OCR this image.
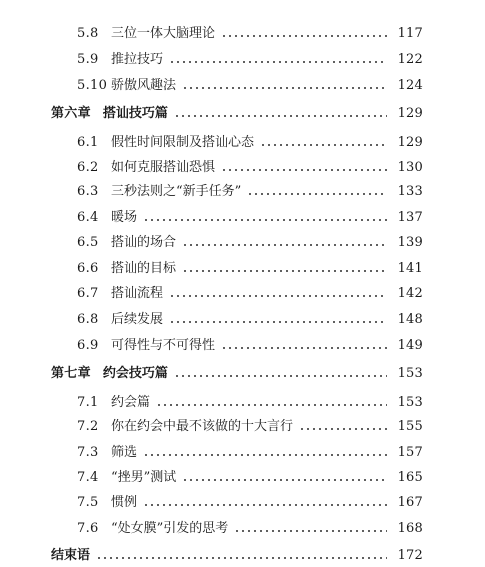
5.8 三位一体大脑理论	117
5.9 推拉技巧	122
5.10 骄傲风趣法	124
第六章 搭讪技巧篇	129
6.1 假性时间限制及搭讪心态	129
6.2 如何克服搭讪恐惧	130
6.3 三秒法则之“新手任务”	133
6.4 暖场	137
6.5 搭讪的场合	139
6.6 搭讪的目标	141
6.7 搭讪流程	142
6.8 后续发展	148
6.9 可得性与不可得性	149
第七章 约会技巧篇	153
7.1 约会篇	153
7.2 你在约会中最不该做的十大言行	155
7.3 筛选	157
7.4 “挫男”测试	165
7.5 惯例	167
7.6 “处女膜”引发的思考	168
结束语	172
